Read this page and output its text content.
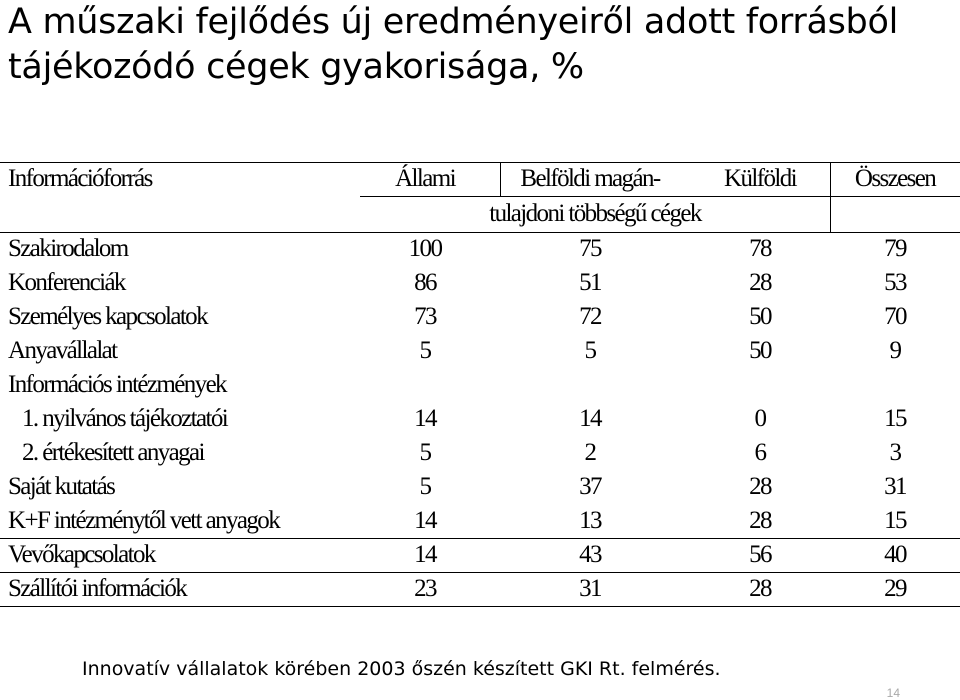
A műszaki fejlődés új eredményeiről adott forrásból tájékozódó cégek gyakorisága, %
Információforrás	Állami	Belföldi magán-	Külföldi	Összesen
tulajdoni többségű cégek
Szakirodalom	100	75	78	79
Konferenciák	86	51	28	53
Személyes kapcsolatok	73	72	50	70
Anyavállalat	5	5	50	9
Információs intézmények
1. nyilvános tájékoztatói	14	14	0	15
2. értékesített anyagai	5	2	6	3
Saját kutatás	5	37	28	31
K+F intézménytől vett anyagok	14	13	28	15
Vevőkapcsolatok	14	43	56	40
Szállítói információk	23	31	28	29
Innovatív vállalatok körében 2003 őszén készített GKI Rt. felmérés.
14
